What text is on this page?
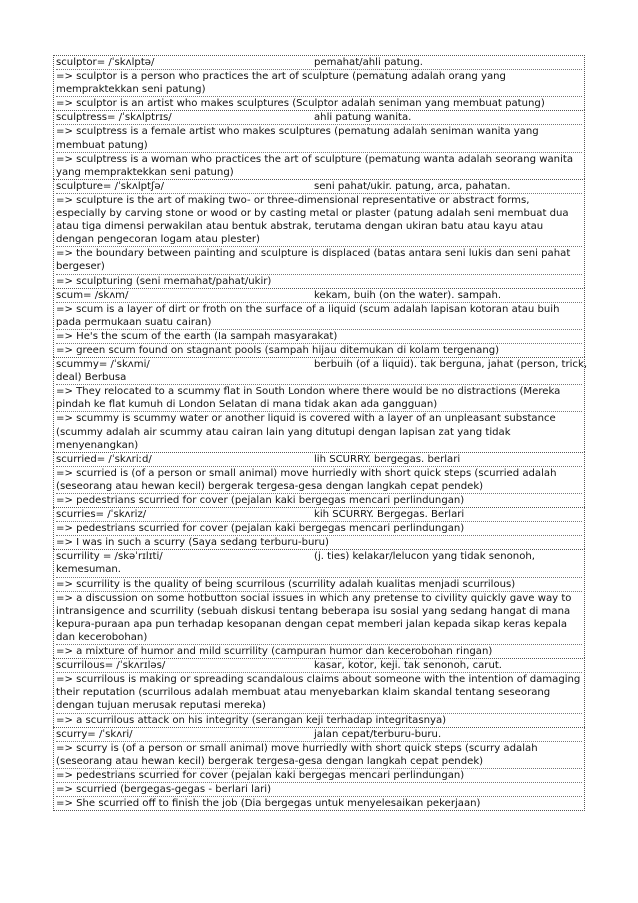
sculptor= /ˈskʌlptə/	pemahat/ahli patung.
=> sculptor is a person who practices the art of sculpture (pematung adalah orang yang mempraktekkan seni patung)
=> sculptor is an artist who makes sculptures (Sculptor adalah seniman yang membuat patung)
sculptress= /ˈskʌlptrɪs/	ahli patung wanita.
=> sculptress is a female artist who makes sculptures (pematung adalah seniman wanita yang membuat patung)
=> sculptress is a woman who practices the art of sculpture (pematung wanta adalah seorang wanita yang mempraktekkan seni patung)
sculpture= /ˈskʌlptʃə/	seni pahat/ukir. patung, arca, pahatan.
=> sculpture is the art of making two- or three-dimensional representative or abstract forms, especially by carving stone or wood or by casting metal or plaster (patung adalah seni membuat dua atau tiga dimensi perwakilan atau bentuk abstrak, terutama dengan ukiran batu atau kayu atau dengan pengecoran logam atau plester)
=> the boundary between painting and sculpture is displaced (batas antara seni lukis dan seni pahat bergeser)
=> sculpturing (seni memahat/pahat/ukir)
scum= /skʌm/	kekam, buih (on the water). sampah.
=> scum is a layer of dirt or froth on the surface of a liquid (scum adalah lapisan kotoran atau buih pada permukaan suatu cairan)
=> He's the scum of the earth (Ia sampah masyarakat)
=> green scum found on stagnant pools (sampah hijau ditemukan di kolam tergenang)
scummy= /ˈskʌmi/	berbuih (of a liquid). tak berguna, jahat (person, trick,
deal) Berbusa
=> They relocated to a scummy flat in South London where there would be no distractions (Mereka pindah ke flat kumuh di London Selatan di mana tidak akan ada gangguan)
=> scummy is scummy water or another liquid is covered with a layer of an unpleasant substance (scummy adalah air scummy atau cairan lain yang ditutupi dengan lapisan zat yang tidak menyenangkan)
scurried= /ˈskʌriːd/	lih SCURRY. bergegas. berlari
=> scurried is (of a person or small animal) move hurriedly with short quick steps (scurried adalah (seseorang atau hewan kecil) bergerak tergesa-gesa dengan langkah cepat pendek)
=> pedestrians scurried for cover (pejalan kaki bergegas mencari perlindungan)
scurries= /ˈskʌriz/	kih SCURRY. Bergegas. Berlari
=> pedestrians scurried for cover (pejalan kaki bergegas mencari perlindungan)
=> I was in such a scurry (Saya sedang terburu-buru)
scurrility = /skəˈrɪlɪti/	(j. ties) kelakar/lelucon yang tidak senonoh,
kemesuman.
=> scurrility is the quality of being scurrilous (scurrility adalah kualitas menjadi scurrilous)
=> a discussion on some hotbutton social issues in which any pretense to civility quickly gave way to intransigence and scurrility (sebuah diskusi tentang beberapa isu sosial yang sedang hangat di mana kepura-puraan apa pun terhadap kesopanan dengan cepat memberi jalan kepada sikap keras kepala dan kecerobohan)
=> a mixture of humor and mild scurrility (campuran humor dan kecerobohan ringan)
scurrilous= /ˈskʌrɪləs/	kasar, kotor, keji. tak senonoh, carut.
=> scurrilous is making or spreading scandalous claims about someone with the intention of damaging their reputation (scurrilous adalah membuat atau menyebarkan klaim skandal tentang seseorang dengan tujuan merusak reputasi mereka)
=> a scurrilous attack on his integrity (serangan keji terhadap integritasnya)
scurry= /ˈskʌri/	jalan cepat/terburu-buru.
=> scurry is (of a person or small animal) move hurriedly with short quick steps (scurry adalah (seseorang atau hewan kecil) bergerak tergesa-gesa dengan langkah cepat pendek)
=> pedestrians scurried for cover (pejalan kaki bergegas mencari perlindungan)
=> scurried (bergegas-gegas - berlari lari)
=> She scurried off to finish the job (Dia bergegas untuk menyelesaikan pekerjaan)
